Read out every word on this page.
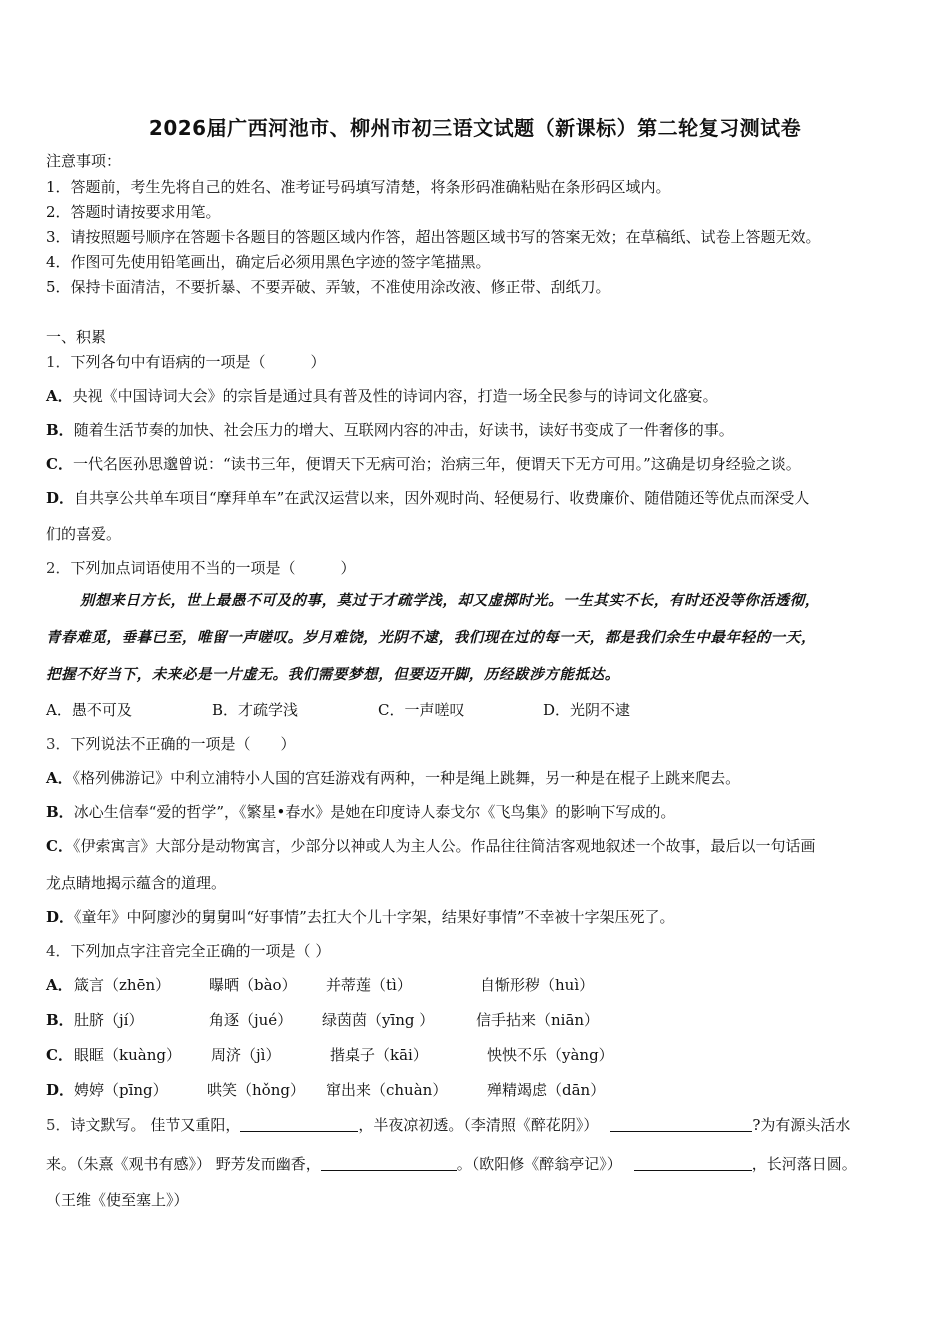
2026届广西河池市、柳州市初三语文试题（新课标）第二轮复习测试卷
注意事项：
1．答题前，考生先将自己的姓名、准考证号码填写清楚，将条形码准确粘贴在条形码区域内。
2．答题时请按要求用笔。
3．请按照题号顺序在答题卡各题目的答题区域内作答，超出答题区域书写的答案无效；在草稿纸、试卷上答题无效。
4．作图可先使用铅笔画出，确定后必须用黑色字迹的签字笔描黑。
5．保持卡面清洁，不要折暴、不要弄破、弄皱，不准使用涂改液、修正带、刮纸刀。
一、积累
1．下列各句中有语病的一项是（　　　）
A．央视《中国诗词大会》的宗旨是通过具有普及性的诗词内容，打造一场全民参与的诗词文化盛宴。
B．随着生活节奏的加快、社会压力的增大、互联网内容的冲击，好读书，读好书变成了一件奢侈的事。
C．一代名医孙思邈曾说：“读书三年，便谓天下无病可治；治病三年，便谓天下无方可用。”这确是切身经验之谈。
D．自共享公共单车项目“摩拜单车”在武汉运营以来，因外观时尚、轻便易行、收费廉价、随借随还等优点而深受人
们的喜爱。
2．下列加点词语使用不当的一项是（　　　）
别想来日方长，世上最愚不可及的事，莫过于才疏学浅，却又虚掷时光。一生其实不长，有时还没等你活透彻，
青春难觅，垂暮已至，唯留一声嗟叹。岁月难饶，光阴不逮，我们现在过的每一天，都是我们余生中最年轻的一天，
把握不好当下，未来必是一片虚无。我们需要梦想，但要迈开脚，历经跋涉方能抵达。
A．愚不可及	B．才疏学浅	C．一声嗟叹	D．光阴不逮
3．下列说法不正确的一项是（　　）
A．《格列佛游记》中利立浦特小人国的宫廷游戏有两种，一种是绳上跳舞，另一种是在棍子上跳来爬去。
B．冰心生信奉“爱的哲学”，《繁星•春水》是她在印度诗人泰戈尔《飞鸟集》的影响下写成的。
C．《伊索寓言》大部分是动物寓言，少部分以神或人为主人公。作品往往简洁客观地叙述一个故事，最后以一句话画
龙点睛地揭示蕴含的道理。
D．《童年》中阿廖沙的舅舅叫“好事情”去扛大个儿十字架，结果好事情”不幸被十字架压死了。
4．下列加点字注音完全正确的一项是（ ）
A． 箴言（zhēn）	曝晒（bào） 并蒂莲（tì）	自惭形秽（huì）
B． 肚脐（jí）	角逐（jué） 绿茵茵（yīng ）	信手拈来（niān）
C． 眼眶（kuàng） 周济（jì）	揩桌子（kāi）	怏怏不乐（yàng）
D． 娉婷（pīng）	哄笑（hǒng） 窜出来（chuàn）	殚精竭虑（dān）
5．诗文默写。 佳节又重阳，	，半夜凉初透。（李清照《醉花阴》）	?为有源头活水
来。（朱熹《观书有感》） 野芳发而幽香，	。（欧阳修《醉翁亭记》）	，长河落日圆。
（王维《使至塞上》）
